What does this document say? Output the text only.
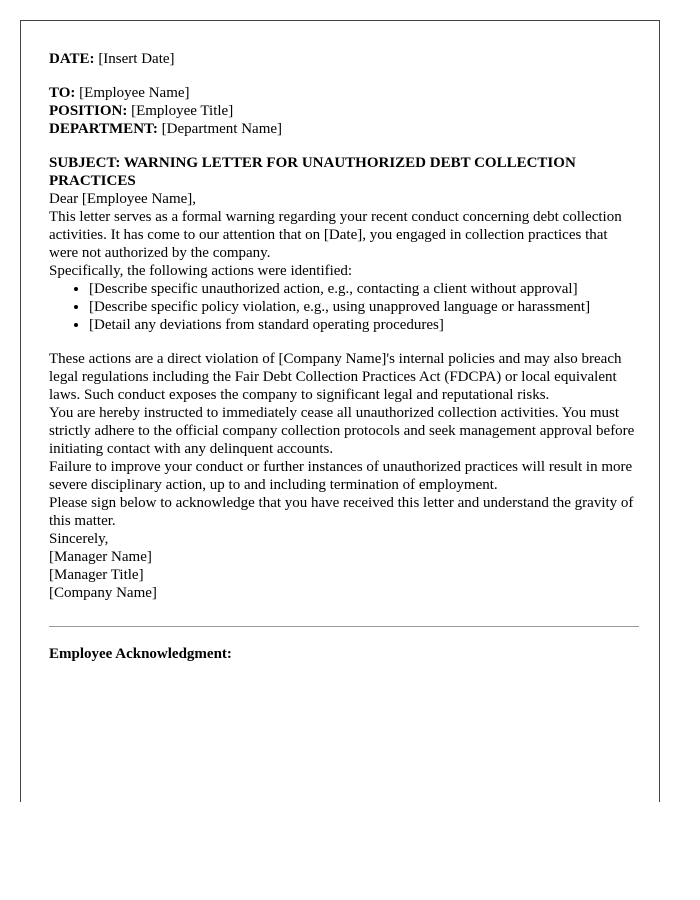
DATE: [Insert Date]

TO: [Employee Name]

POSITION: [Employee Title]

DEPARTMENT: [Department Name]

SUBJECT: WARNING LETTER FOR UNAUTHORIZED DEBT COLLECTION PRACTICES

Dear [Employee Name],

This letter serves as a formal warning regarding your recent conduct concerning debt collection activities. It has come to our attention that on [Date], you engaged in collection practices that were not authorized by the company.

Specifically, the following actions were identified:

• [Describe specific unauthorized action, e.g., contacting a client without approval]
• [Describe specific policy violation, e.g., using unapproved language or harassment]
• [Detail any deviations from standard operating procedures]

These actions are a direct violation of [Company Name]'s internal policies and may also breach legal regulations including the Fair Debt Collection Practices Act (FDCPA) or local equivalent laws. Such conduct exposes the company to significant legal and reputational risks.

You are hereby instructed to immediately cease all unauthorized collection activities. You must strictly adhere to the official company collection protocols and seek management approval before initiating contact with any delinquent accounts.

Failure to improve your conduct or further instances of unauthorized practices will result in more severe disciplinary action, up to and including termination of employment.

Please sign below to acknowledge that you have received this letter and understand the gravity of this matter.

Sincerely,

[Manager Name]

[Manager Title]

[Company Name]

Employee Acknowledgment:
